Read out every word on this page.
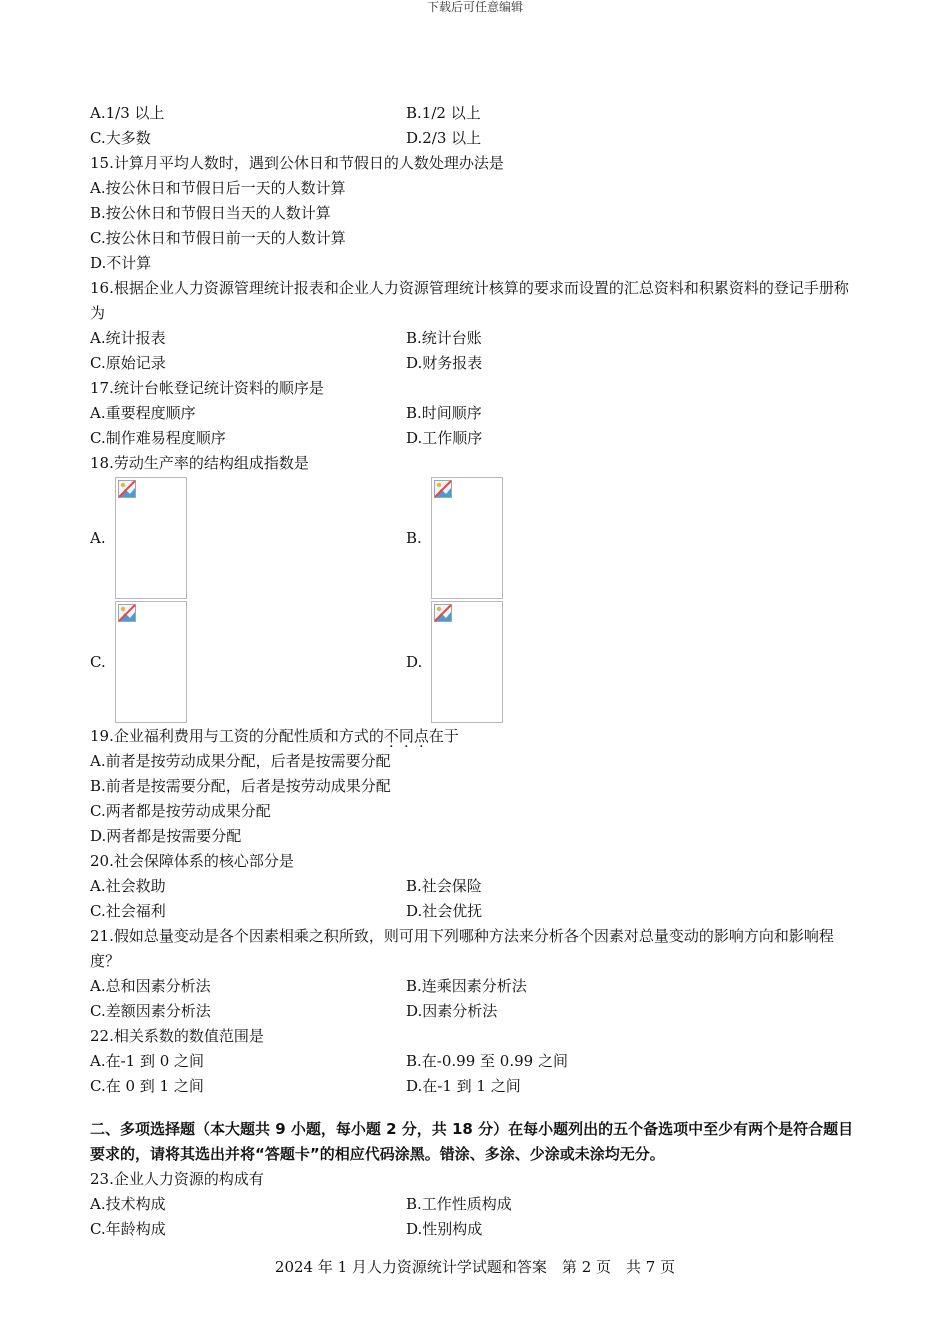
下载后可任意编辑
A.1/3 以上	B.1/2 以上
C.大多数	D.2/3 以上
15.计算月平均人数时，遇到公休日和节假日的人数处理办法是
A.按公休日和节假日后一天的人数计算
B.按公休日和节假日当天的人数计算
C.按公休日和节假日前一天的人数计算
D.不计算
16.根据企业人力资源管理统计报表和企业人力资源管理统计核算的要求而设置的汇总资料和积累资料的登记手册称为
A.统计报表	B.统计台账
C.原始记录	D.财务报表
17.统计台帐登记统计资料的顺序是
A.重要程度顺序	B.时间顺序
C.制作难易程度顺序	D.工作顺序
18.劳动生产率的结构组成指数是
A.	B.
C.	D.
19.企业福利费用与工资的分配性质和方式的不同点在于
A.前者是按劳动成果分配，后者是按需要分配
B.前者是按需要分配，后者是按劳动成果分配
C.两者都是按劳动成果分配
D.两者都是按需要分配
20.社会保障体系的核心部分是
A.社会救助	B.社会保险
C.社会福利	D.社会优抚
21.假如总量变动是各个因素相乘之积所致，则可用下列哪种方法来分析各个因素对总量变动的影响方向和影响程度？
A.总和因素分析法	B.连乘因素分析法
C.差额因素分析法	D.因素分析法
22.相关系数的数值范围是
A.在-1 到 0 之间	B.在-0.99 至 0.99 之间
C.在 0 到 1 之间	D.在-1 到 1 之间
二、多项选择题（本大题共 9 小题，每小题 2 分，共 18 分）在每小题列出的五个备选项中至少有两个是符合题目要求的，请将其选出并将“答题卡”的相应代码涂黑。错涂、多涂、少涂或未涂均无分。
23.企业人力资源的构成有
A.技术构成	B.工作性质构成
C.年龄构成	D.性别构成
2024 年 1 月人力资源统计学试题和答案　第 2 页　共 7 页
